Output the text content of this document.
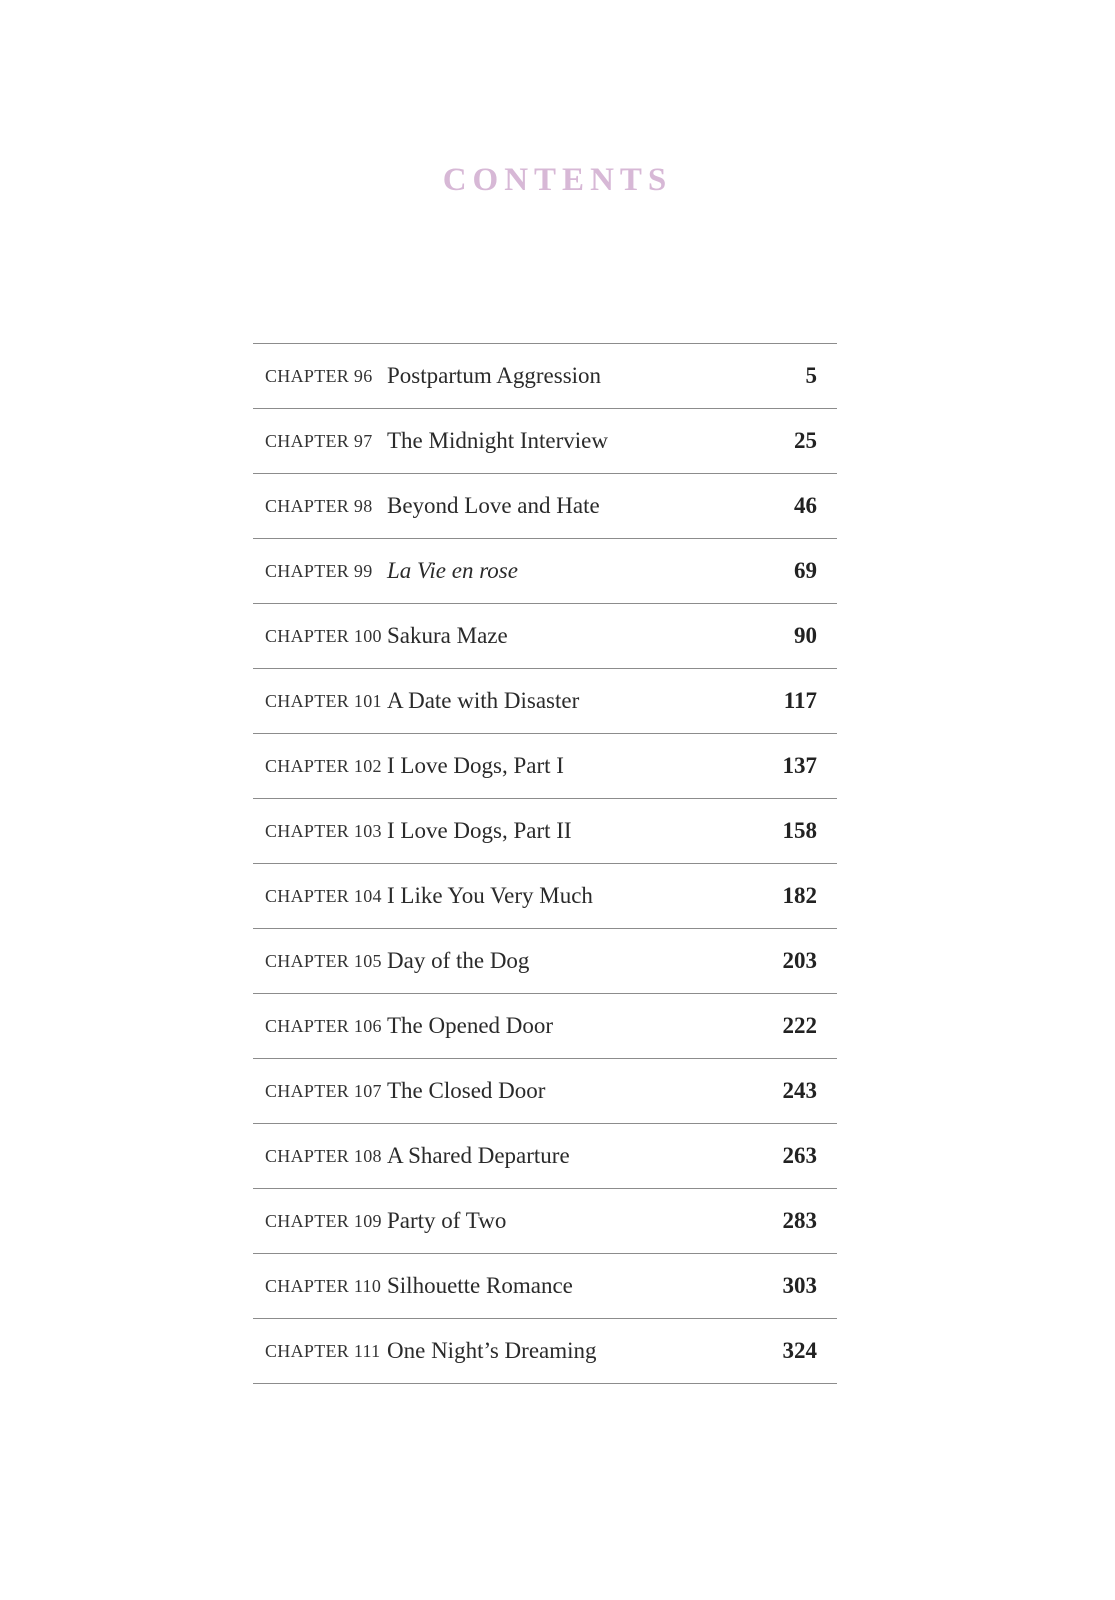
CONTENTS
CHAPTER 96 Postpartum Aggression	5
CHAPTER 97 The Midnight Interview	25
CHAPTER 98 Beyond Love and Hate	46
CHAPTER 99 La Vie en rose	69
CHAPTER 100 Sakura Maze	90
CHAPTER 101 A Date with Disaster	117
CHAPTER 102 I Love Dogs, Part I	137
CHAPTER 103 I Love Dogs, Part II	158
CHAPTER 104 I Like You Very Much	182
CHAPTER 105 Day of the Dog	203
CHAPTER 106 The Opened Door	222
CHAPTER 107 The Closed Door	243
CHAPTER 108 A Shared Departure	263
CHAPTER 109 Party of Two	283
CHAPTER 110 Silhouette Romance	303
CHAPTER 111 One Night’s Dreaming	324
